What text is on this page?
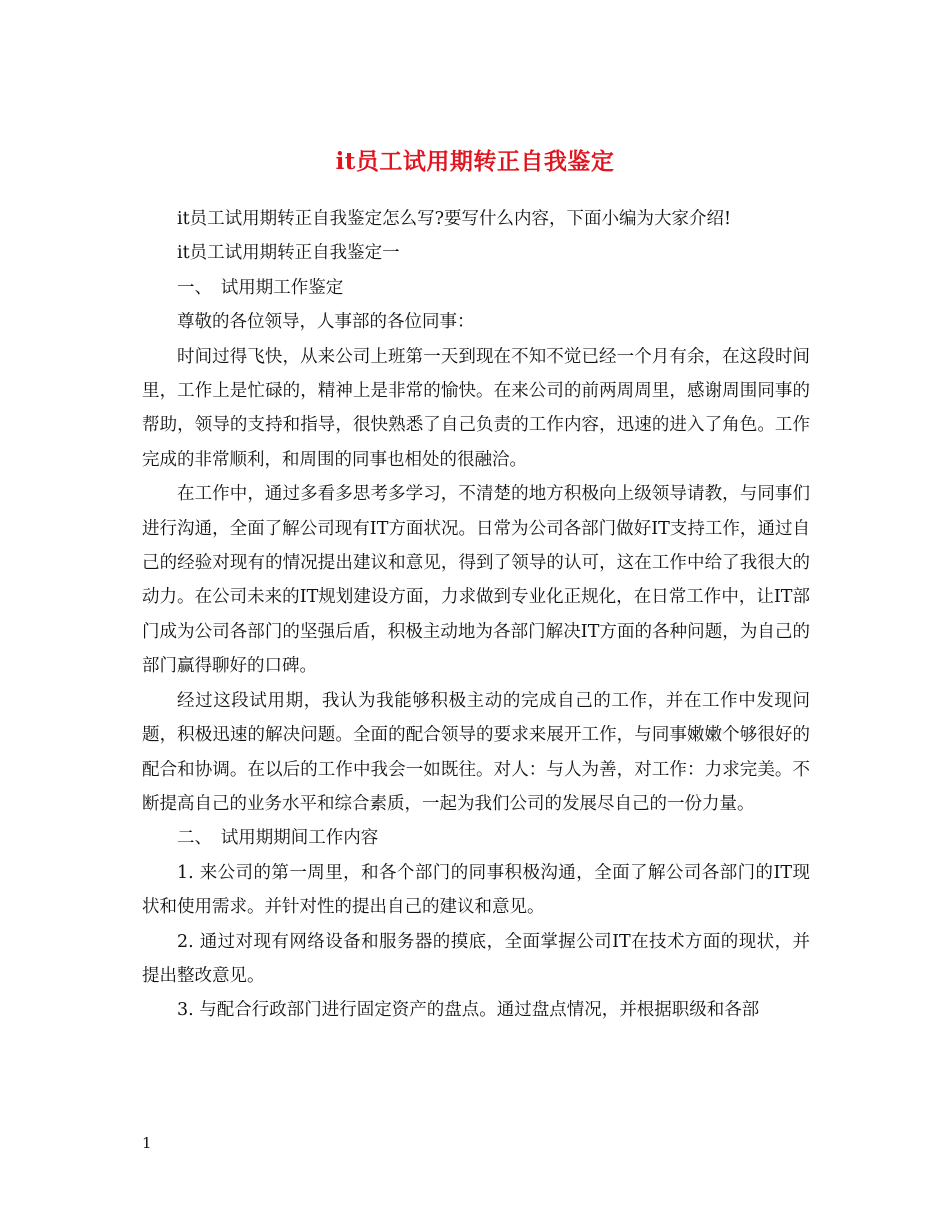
it员工试用期转正自我鉴定

it员工试用期转正自我鉴定怎么写?要写什么内容，下面小编为大家介绍!

it员工试用期转正自我鉴定一

一、　试用期工作鉴定

尊敬的各位领导，人事部的各位同事：

时间过得飞快，从来公司上班第一天到现在不知不觉已经一个月有余，在这段时间里，工作上是忙碌的，精神上是非常的愉快。在来公司的前两周周里，感谢周围同事的帮助，领导的支持和指导，很快熟悉了自己负责的工作内容，迅速的进入了角色。工作完成的非常顺利，和周围的同事也相处的很融洽。

在工作中，通过多看多思考多学习，不清楚的地方积极向上级领导请教，与同事们进行沟通，全面了解公司现有IT方面状况。日常为公司各部门做好IT支持工作，通过自己的经验对现有的情况提出建议和意见，得到了领导的认可，这在工作中给了我很大的动力。在公司未来的IT规划建设方面，力求做到专业化正规化，在日常工作中，让IT部门成为公司各部门的坚强后盾，积极主动地为各部门解决IT方面的各种问题，为自己的部门赢得聊好的口碑。

经过这段试用期，我认为我能够积极主动的完成自己的工作，并在工作中发现问题，积极迅速的解决问题。全面的配合领导的要求来展开工作，与同事嫩嫩个够很好的配合和协调。在以后的工作中我会一如既往。对人：与人为善，对工作：力求完美。不断提高自己的业务水平和综合素质，一起为我们公司的发展尽自己的一份力量。

二、　试用期期间工作内容

1. 来公司的第一周里，和各个部门的同事积极沟通，全面了解公司各部门的IT现状和使用需求。并针对性的提出自己的建议和意见。

2. 通过对现有网络设备和服务器的摸底，全面掌握公司IT在技术方面的现状，并提出整改意见。

3. 与配合行政部门进行固定资产的盘点。通过盘点情况，并根据职级和各部

1
